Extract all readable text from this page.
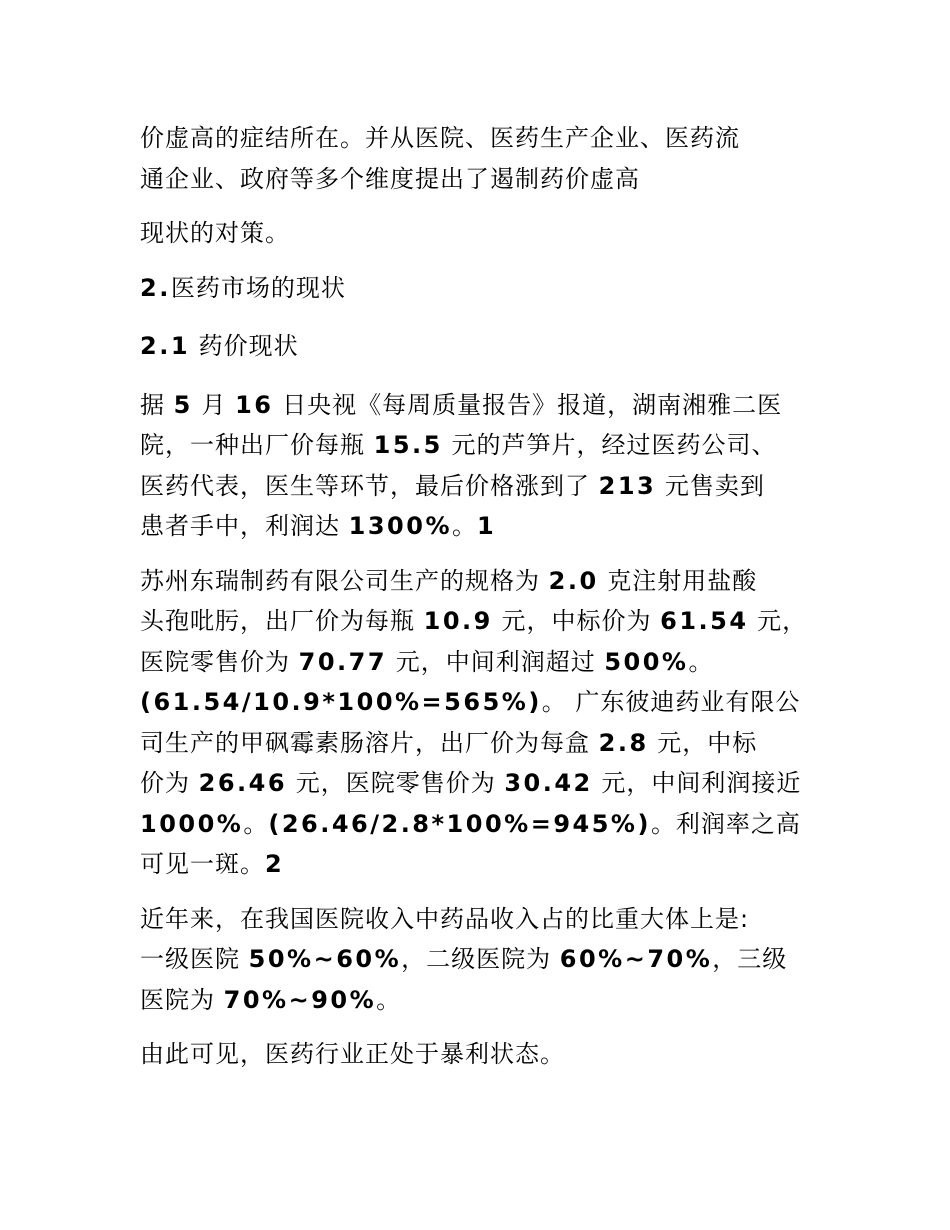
价虚高的症结所在。并从医院、医药生产企业、医药流
通企业、政府等多个维度提出了遏制药价虚高
现状的对策。
2.医药市场的现状
2.1 药价现状
据 5 月 16 日央视《每周质量报告》报道，湖南湘雅二医
院，一种出厂价每瓶 15.5 元的芦笋片，经过医药公司、
医药代表，医生等环节，最后价格涨到了 213 元售卖到
患者手中，利润达 1300%。1
苏州东瑞制药有限公司生产的规格为 2.0 克注射用盐酸
头孢吡肟，出厂价为每瓶 10.9 元，中标价为 61.54 元，
医院零售价为 70.77 元，中间利润超过 500%。
(61.54/10.9*100%=565%)。 广东彼迪药业有限公
司生产的甲砜霉素肠溶片，出厂价为每盒 2.8 元，中标
价为 26.46 元，医院零售价为 30.42 元，中间利润接近
1000%。(26.46/2.8*100%=945%)。利润率之高
可见一斑。2
近年来，在我国医院收入中药品收入占的比重大体上是:
一级医院 50%~60%，二级医院为 60%~70%，三级
医院为 70%~90%。
由此可见，医药行业正处于暴利状态。
